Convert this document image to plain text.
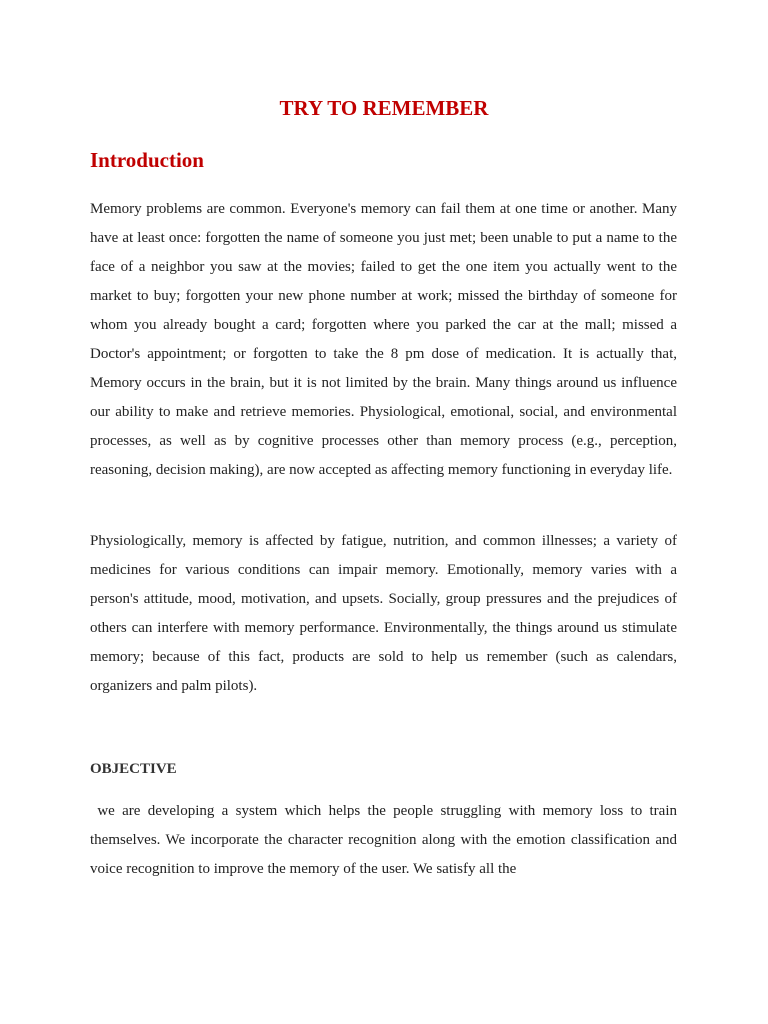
TRY TO REMEMBER
Introduction

Memory problems are common. Everyone's memory can fail them at one time or another. Many have at least once: forgotten the name of someone you just met; been unable to put a name to the face of a neighbor you saw at the movies; failed to get the one item you actually went to the market to buy; forgotten your new phone number at work; missed the birthday of someone for whom you already bought a card; forgotten where you parked the car at the mall; missed a Doctor's appointment; or forgotten to take the 8 pm dose of medication. It is actually that, Memory occurs in the brain, but it is not limited by the brain. Many things around us influence our ability to make and retrieve memories. Physiological, emotional, social, and environmental processes, as well as by cognitive processes other than memory process (e.g., perception, reasoning, decision making), are now accepted as affecting memory functioning in everyday life.

Physiologically, memory is affected by fatigue, nutrition, and common illnesses; a variety of medicines for various conditions can impair memory. Emotionally, memory varies with a person's attitude, mood, motivation, and upsets. Socially, group pressures and the prejudices of others can interfere with memory performance. Environmentally, the things around us stimulate memory; because of this fact, products are sold to help us remember (such as calendars, organizers and palm pilots).

OBJECTIVE

we are developing a system which helps the people struggling with memory loss to train themselves. We incorporate the character recognition along with the emotion classification and voice recognition to improve the memory of the user. We satisfy all the
